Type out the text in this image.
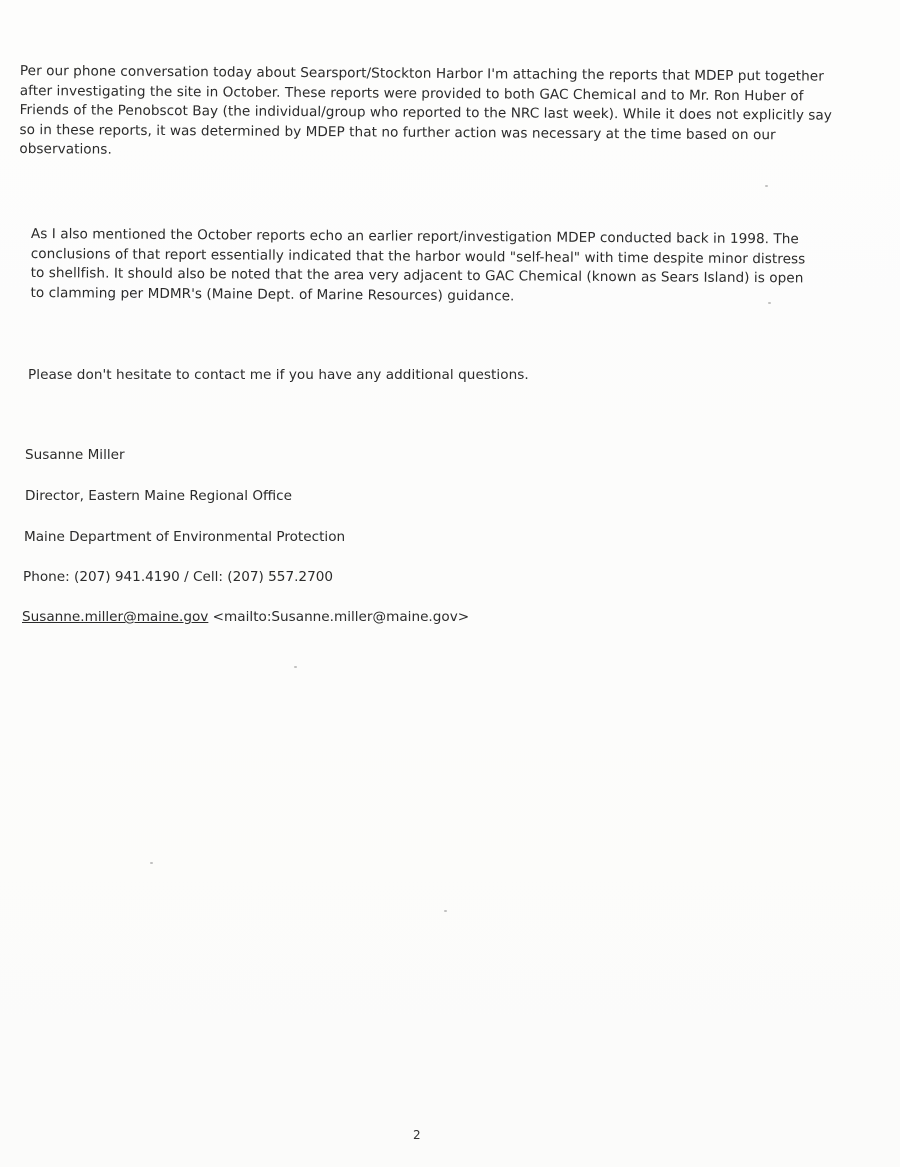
Per our phone conversation today about Searsport/Stockton Harbor I'm attaching the reports that MDEP put together after investigating the site in October. These reports were provided to both GAC Chemical and to Mr. Ron Huber of Friends of the Penobscot Bay (the individual/group who reported to the NRC last week). While it does not explicitly say so in these reports, it was determined by MDEP that no further action was necessary at the time based on our observations.

As I also mentioned the October reports echo an earlier report/investigation MDEP conducted back in 1998. The conclusions of that report essentially indicated that the harbor would "self-heal" with time despite minor distress to shellfish. It should also be noted that the area very adjacent to GAC Chemical (known as Sears Island) is open to clamming per MDMR's (Maine Dept. of Marine Resources) guidance.

Please don't hesitate to contact me if you have any additional questions.

Susanne Miller

Director, Eastern Maine Regional Office

Maine Department of Environmental Protection

Phone: (207) 941.4190 / Cell: (207) 557.2700

Susanne.miller@maine.gov <mailto:Susanne.miller@maine.gov>

2
